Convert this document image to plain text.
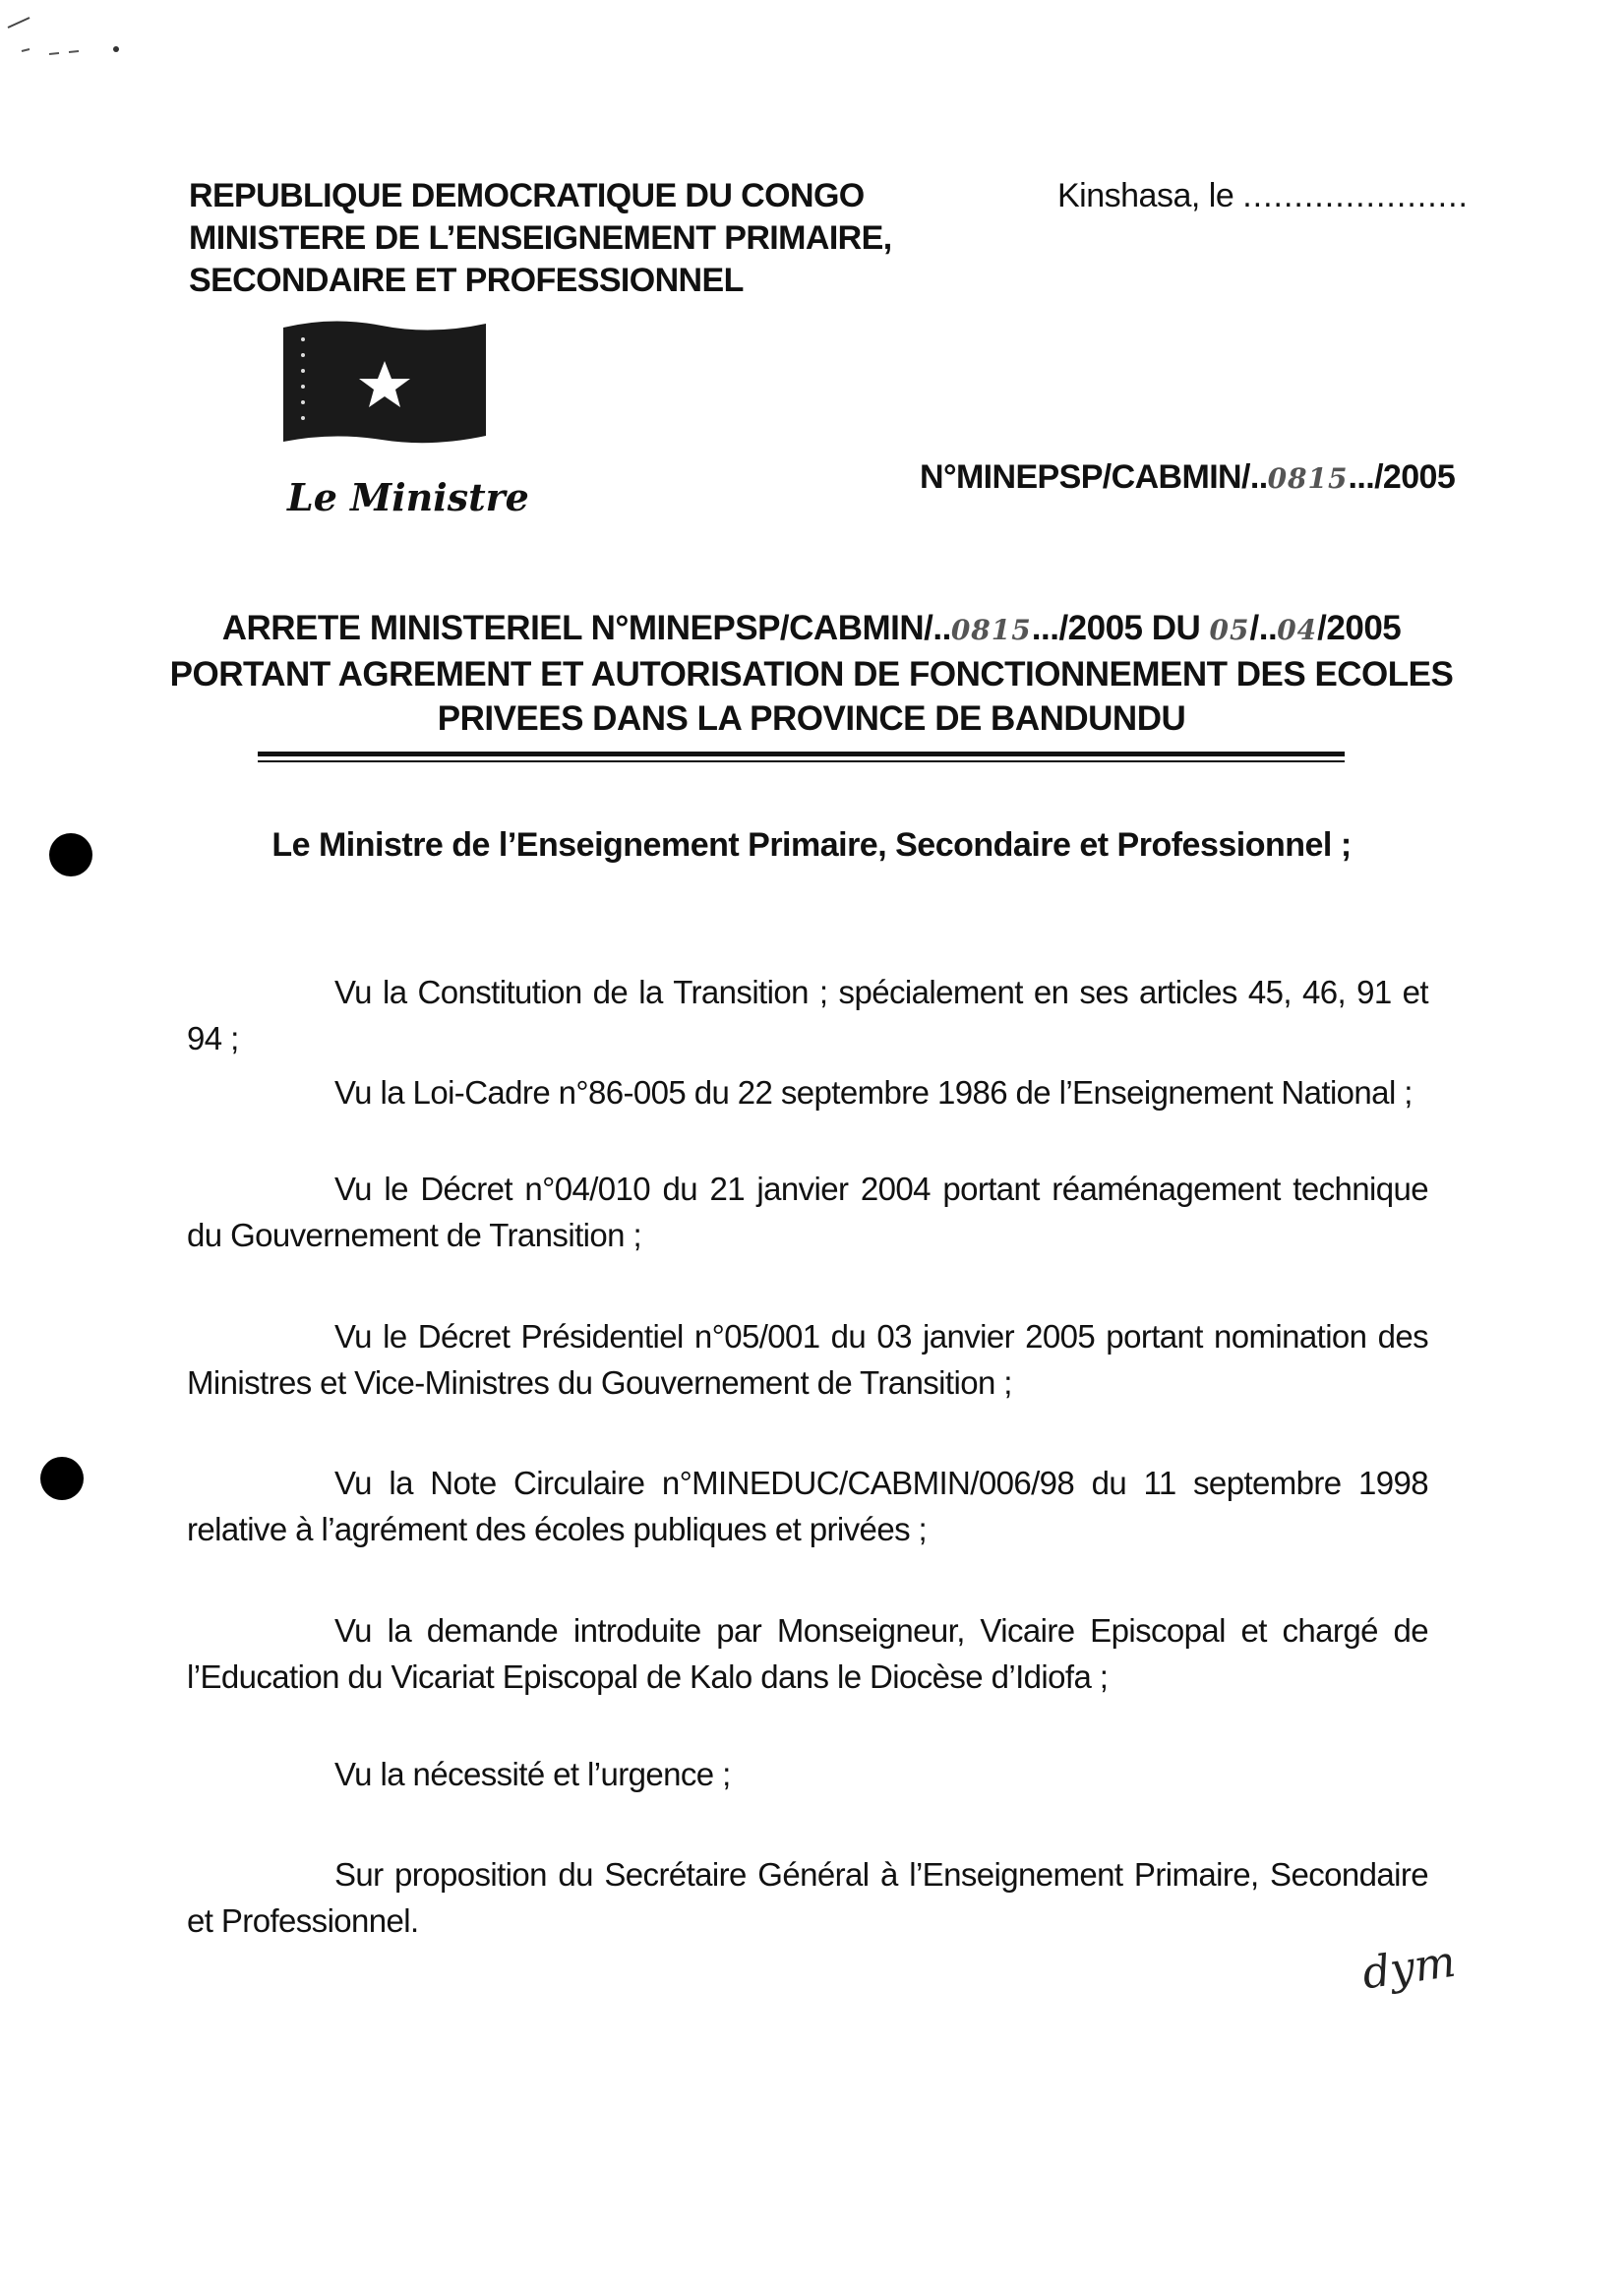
REPUBLIQUE DEMOCRATIQUE DU CONGO
MINISTERE DE L’ENSEIGNEMENT PRIMAIRE,
SECONDAIRE ET PROFESSIONNEL
Kinshasa, le ......................
Le Ministre	N°MINEPSP/CABMIN/..0815.../2005
ARRETE MINISTERIEL N°MINEPSP/CABMIN/..0815.../2005 DU 05/..04/2005
PORTANT AGREMENT ET AUTORISATION DE FONCTIONNEMENT DES ECOLES
PRIVEES DANS LA PROVINCE DE BANDUNDU
Le Ministre de l’Enseignement Primaire, Secondaire et Professionnel ;
Vu la Constitution de la Transition ; spécialement en ses articles 45, 46, 91 et 94 ;
Vu la Loi-Cadre n°86-005 du 22 septembre 1986 de l’Enseignement National ;
Vu le Décret n°04/010 du 21 janvier 2004 portant réaménagement technique du Gouvernement de Transition ;
Vu le Décret Présidentiel n°05/001 du 03 janvier 2005 portant nomination des Ministres et Vice-Ministres du Gouvernement de Transition ;
Vu la Note Circulaire n°MINEDUC/CABMIN/006/98 du 11 septembre 1998 relative à l’agrément des écoles publiques et privées ;
Vu la demande introduite par Monseigneur, Vicaire Episcopal et chargé de l’Education du Vicariat Episcopal de Kalo dans le Diocèse d’Idiofa ;
Vu la nécessité et l’urgence ;
Sur proposition du Secrétaire Général à l’Enseignement Primaire, Secondaire et Professionnel.
dym
